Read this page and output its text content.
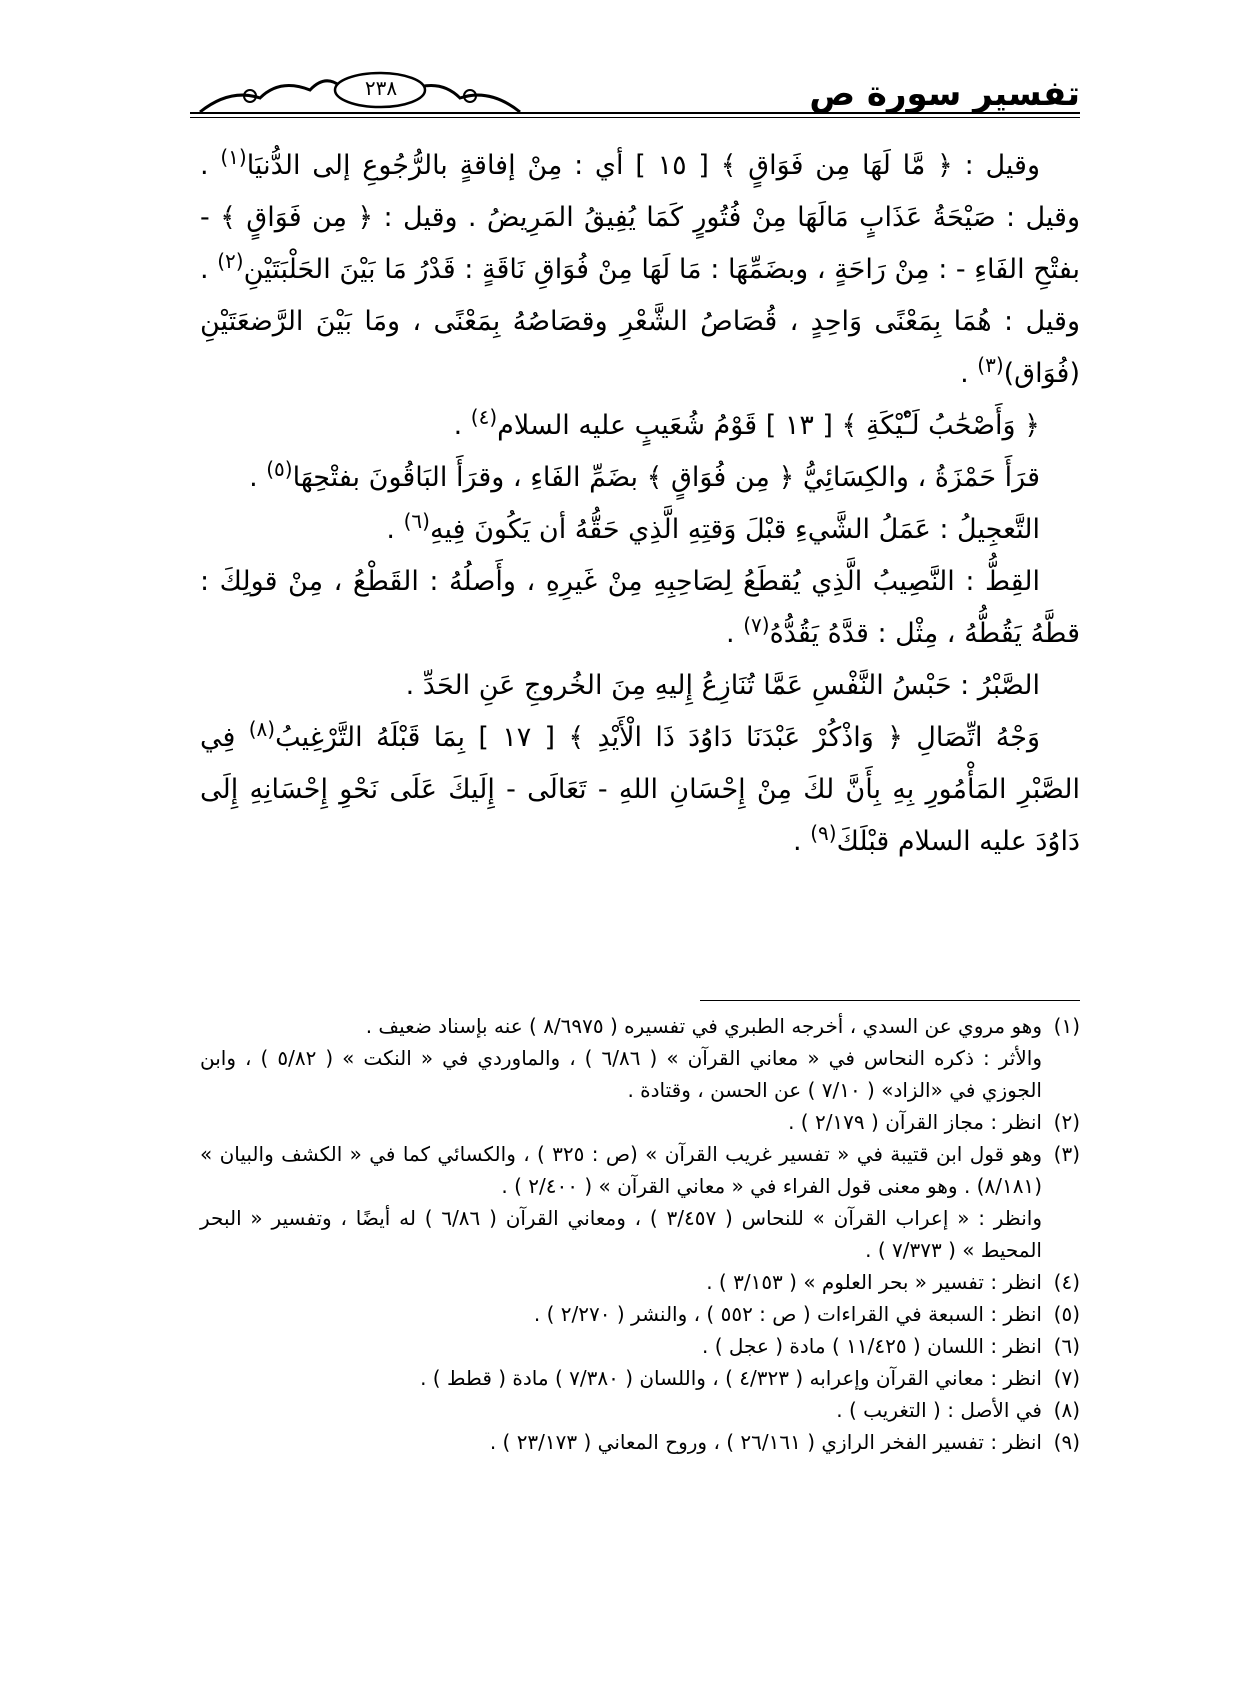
تفسير سورة ص
٢٣٨

وقيل : ﴿ مَّا لَهَا مِن فَوَاقٍ ﴾ [ ١٥ ] أي : مِنْ إفاقةٍ بالرُّجُوعِ إلى الدُّنيَا$^{(١)}$ . وقيل : صَيْحَةُ عَذَابٍ مَالَهَا مِنْ فُتُورٍ كَمَا يُفِيقُ المَرِيضُ . وقيل : ﴿ مِن فَوَاقٍ ﴾ - بفتْحِ الفَاءِ - : مِنْ رَاحَةٍ ، وبضَمِّهَا : مَا لَهَا مِنْ فُوَاقِ نَاقَةٍ : قَدْرُ مَا بَيْنَ الحَلْبَتَيْنِ$^{(٢)}$ . وقيل : هُمَا بِمَعْنًى وَاحِدٍ ، قُصَاصُ الشَّعْرِ وقصَاصُهُ بِمَعْنًى ، ومَا بَيْنَ الرَّضعَتَيْنِ (فُوَاق)$^{(٣)}$ .

﴿ وَأَصْحَٰبُ لَـْٔيْكَةِ ﴾ [ ١٣ ] قَوْمُ شُعَيبٍ عليه السلام$^{(٤)}$ .

قرَأَ حَمْزَةُ ، والكِسَائِيُّ ﴿ مِن فُوَاقٍ ﴾ بضَمِّ الفَاءِ ، وقرَأَ البَاقُونَ بفتْحِهَا$^{(٥)}$ .

التَّعجِيلُ : عَمَلُ الشَّيءِ قبْلَ وَقتِهِ الَّذِي حَقُّهُ أن يَكُونَ فِيهِ$^{(٦)}$ .

القِطُّ : النَّصِيبُ الَّذِي يُقطَعُ لِصَاحِبِهِ مِنْ غَيرِهِ ، وأَصلُهُ : القَطْعُ ، مِنْ قولِكَ : قطَّهُ يَقُطُّهُ ، مِثْل : قدَّهُ يَقُدُّهُ$^{(٧)}$ .

الصَّبْرُ : حَبْسُ النَّفْسِ عَمَّا تُنَازِعُ إِليهِ مِنَ الخُروجِ عَنِ الحَدِّ .

وَجْهُ اتِّصَالِ ﴿ وَاذْكُرْ عَبْدَنَا دَاوُدَ ذَا الْأَيْدِ ﴾ [ ١٧ ] بِمَا قَبْلَهُ التَّرْغِيبُ$^{(٨)}$ فِي الصَّبْرِ المَأْمُورِ بِهِ بِأَنَّ لكَ مِنْ إِحْسَانِ اللهِ - تَعَالَى - إِلَيكَ عَلَى نَحْوِ إِحْسَانِهِ إِلَى دَاوُدَ عليه السلام قبْلَكَ$^{(٩)}$ .

(١)
وهو مروي عن السدي ، أخرجه الطبري في تفسيره ( ٨/٦٩٧٥ ) عنه بإسناد ضعيف .
والأثر : ذكره النحاس في « معاني القرآن » ( ٦/٨٦ ) ، والماوردي في « النكت » ( ٥/٨٢ ) ، وابن الجوزي في «الزاد» ( ٧/١٠ ) عن الحسن ، وقتادة .
(٢)
انظر : مجاز القرآن ( ٢/١٧٩ ) .
(٣)
وهو قول ابن قتيبة في « تفسير غريب القرآن » (ص : ٣٢٥ ) ، والكسائي كما في « الكشف والبيان » (٨/١٨١) . وهو معنى قول الفراء في « معاني القرآن » ( ٢/٤٠٠ ) .
وانظر : « إعراب القرآن » للنحاس ( ٣/٤٥٧ ) ، ومعاني القرآن ( ٦/٨٦ ) له أيضًا ، وتفسير « البحر المحيط » ( ٧/٣٧٣ ) .
(٤)
انظر : تفسير « بحر العلوم » ( ٣/١٥٣ ) .
(٥)
انظر : السبعة في القراءات ( ص : ٥٥٢ ) ، والنشر ( ٢/٢٧٠ ) .
(٦)
انظر : اللسان ( ١١/٤٢٥ ) مادة ( عجل ) .
(٧)
انظر : معاني القرآن وإعرابه ( ٤/٣٢٣ ) ، واللسان ( ٧/٣٨٠ ) مادة ( قطط ) .
(٨)
في الأصل : ( التغريب ) .
(٩)
انظر : تفسير الفخر الرازي ( ٢٦/١٦١ ) ، وروح المعاني ( ٢٣/١٧٣ ) .
